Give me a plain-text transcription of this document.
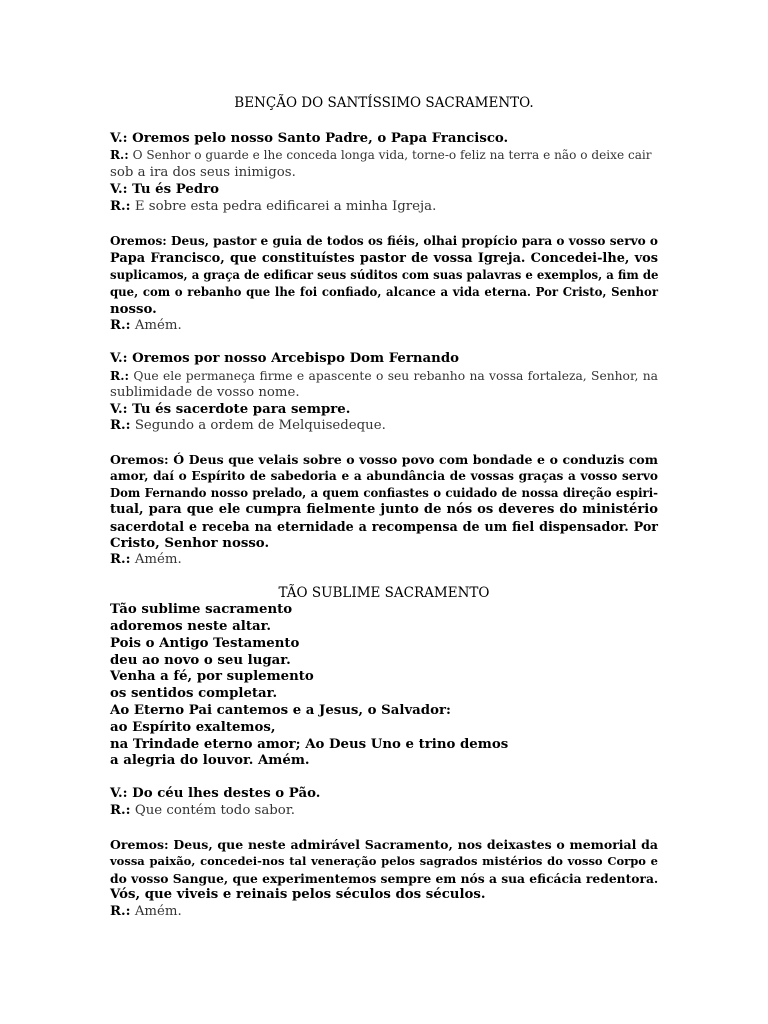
BENÇÃO DO SANTÍSSIMO SACRAMENTO.
V.: Oremos pelo nosso Santo Padre, o Papa Francisco.
R.: O Senhor o guarde e lhe conceda longa vida, torne-o feliz na terra e não o deixe cair
sob a ira dos seus inimigos.
V.: Tu és Pedro
R.: E sobre esta pedra edificarei a minha Igreja.
Oremos: Deus, pastor e guia de todos os fiéis, olhai propício para o vosso servo o
Papa Francisco, que constituístes pastor de vossa Igreja. Concedei-lhe, vos
suplicamos, a graça de edificar seus súditos com suas palavras e exemplos, a fim de
que, com o rebanho que lhe foi confiado, alcance a vida eterna. Por Cristo, Senhor
nosso.
R.: Amém.
V.: Oremos por nosso Arcebispo Dom Fernando
R.: Que ele permaneça firme e apascente o seu rebanho na vossa fortaleza, Senhor, na
sublimidade de vosso nome.
V.: Tu és sacerdote para sempre.
R.: Segundo a ordem de Melquisedeque.
Oremos: Ó Deus que velais sobre o vosso povo com bondade e o conduzis com
amor, daí o Espírito de sabedoria e a abundância de vossas graças a vosso servo
Dom Fernando nosso prelado, a quem confiastes o cuidado de nossa direção espiri-
tual, para que ele cumpra fielmente junto de nós os deveres do ministério
sacerdotal e receba na eternidade a recompensa de um fiel dispensador. Por
Cristo, Senhor nosso.
R.: Amém.
TÃO SUBLIME SACRAMENTO
Tão sublime sacramento
adoremos neste altar.
Pois o Antigo Testamento
deu ao novo o seu lugar.
Venha a fé, por suplemento
os sentidos completar.
Ao Eterno Pai cantemos e a Jesus, o Salvador:
ao Espírito exaltemos,
na Trindade eterno amor; Ao Deus Uno e trino demos
a alegria do louvor. Amém.
V.: Do céu lhes destes o Pão.
R.: Que contém todo sabor.
Oremos: Deus, que neste admirável Sacramento, nos deixastes o memorial da
vossa paixão, concedei-nos tal veneração pelos sagrados mistérios do vosso Corpo e
do vosso Sangue, que experimentemos sempre em nós a sua eficácia redentora.
Vós, que viveis e reinais pelos séculos dos séculos.
R.: Amém.
